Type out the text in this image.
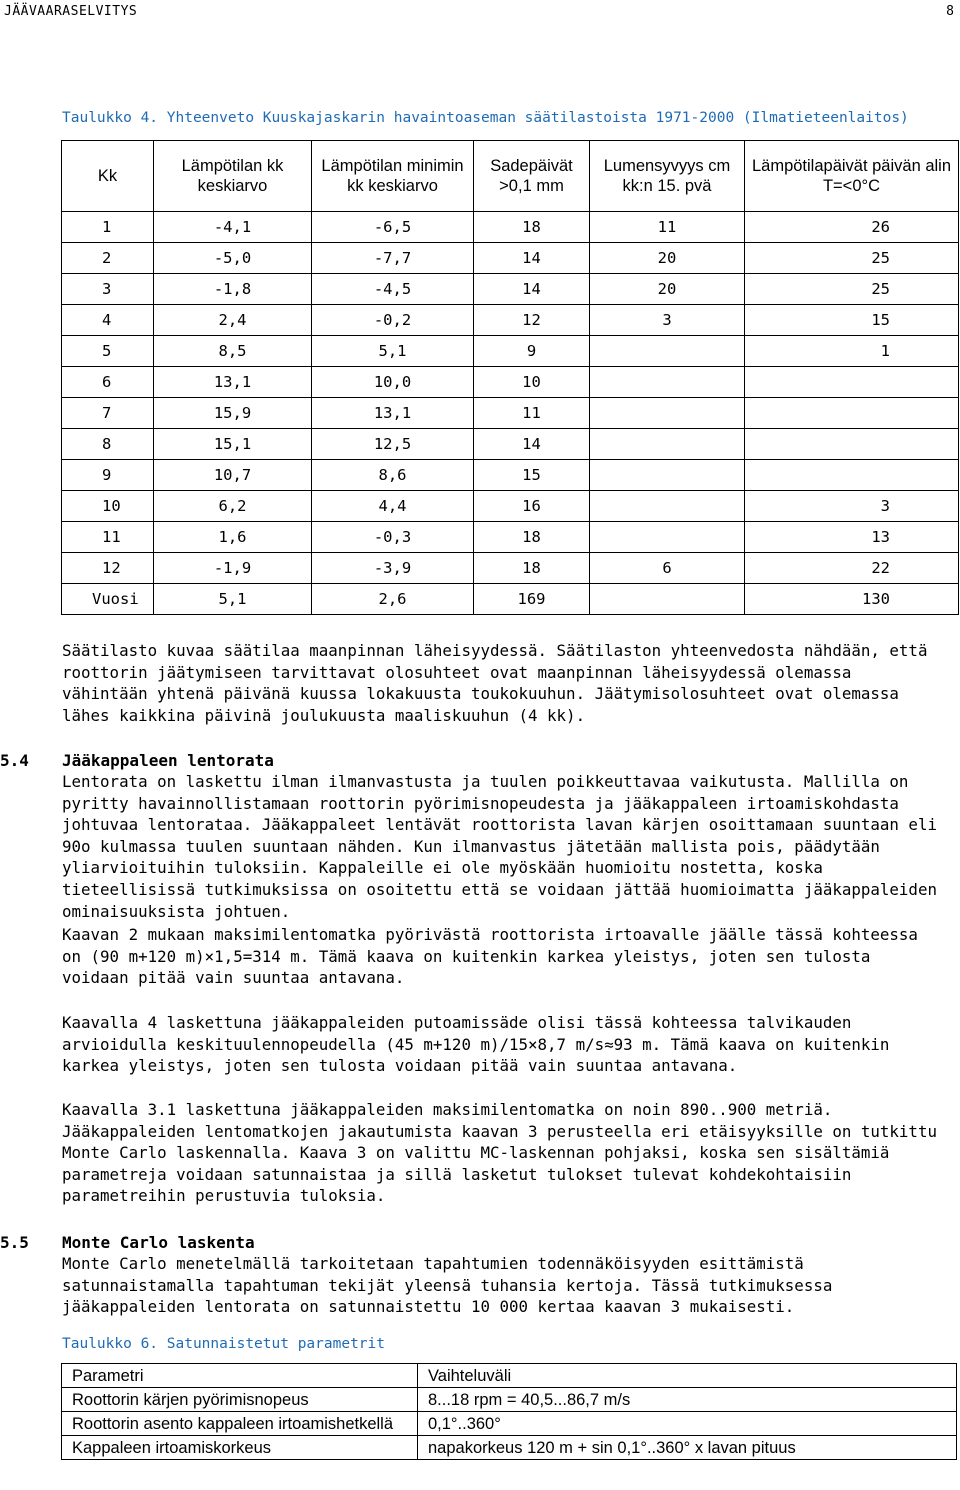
JÄÄVAARASELVITYS	8
Taulukko 4. Yhteenveto Kuuskajaskarin havaintoaseman säätilastoista 1971-2000 (Ilmatieteenlaitos)
Kk	Lämpötilan kk keskiarvo	Lämpötilan minimin kk keskiarvo	Sadepäivät >0,1 mm	Lumensyvyys cm kk:n 15. pvä	Lämpötilapäivät päivän alin T=<0°C
1	-4,1	-6,5	18	11	26
2	-5,0	-7,7	14	20	25
3	-1,8	-4,5	14	20	25
4	2,4	-0,2	12	3	15
5	8,5	5,1	9		1
6	13,1	10,0	10		
7	15,9	13,1	11		
8	15,1	12,5	14		
9	10,7	8,6	15		
10	6,2	4,4	16		3
11	1,6	-0,3	18		13
12	-1,9	-3,9	18	6	22
Vuosi	5,1	2,6	169		130
Säätilasto kuvaa säätilaa maanpinnan läheisyydessä. Säätilaston yhteenvedosta nähdään, että roottorin jäätymiseen tarvittavat olosuhteet ovat maanpinnan läheisyydessä olemassa vähintään yhtenä päivänä kuussa lokakuusta toukokuuhun. Jäätymisolosuhteet ovat olemassa lähes kaikkina päivinä joulukuusta maaliskuuhun (4 kk).
5.4 Jääkappaleen lentorata
Lentorata on laskettu ilman ilmanvastusta ja tuulen poikkeuttavaa vaikutusta. Mallilla on pyritty havainnollistamaan roottorin pyörimisnopeudesta ja jääkappaleen irtoamiskohdasta johtuvaa lentorataa. Jääkappaleet lentävät roottorista lavan kärjen osoittamaan suuntaan eli 90o kulmassa tuulen suuntaan nähden. Kun ilmanvastus jätetään mallista pois, päädytään yliarvioituihin tuloksiin. Kappaleille ei ole myöskään huomioitu nostetta, koska tieteellisissä tutkimuksissa on osoitettu että se voidaan jättää huomioimatta jääkappaleiden ominaisuuksista johtuen.
Kaavan 2 mukaan maksimilentomatka pyörivästä roottorista irtoavalle jäälle tässä kohteessa on (90 m+120 m)×1,5=314 m. Tämä kaava on kuitenkin karkea yleistys, joten sen tulosta voidaan pitää vain suuntaa antavana.
Kaavalla 4 laskettuna jääkappaleiden putoamissäde olisi tässä kohteessa talvikauden arvioidulla keskituulennopeudella (45 m+120 m)/15×8,7 m/s≈93 m. Tämä kaava on kuitenkin karkea yleistys, joten sen tulosta voidaan pitää vain suuntaa antavana.
Kaavalla 3.1 laskettuna jääkappaleiden maksimilentomatka on noin 890..900 metriä. Jääkappaleiden lentomatkojen jakautumista kaavan 3 perusteella eri etäisyyksille on tutkittu Monte Carlo laskennalla. Kaava 3 on valittu MC-laskennan pohjaksi, koska sen sisältämiä parametreja voidaan satunnaistaa ja sillä lasketut tulokset tulevat kohdekohtaisiin parametreihin perustuvia tuloksia.
5.5 Monte Carlo laskenta
Monte Carlo menetelmällä tarkoitetaan tapahtumien todennäköisyyden esittämistä satunnaistamalla tapahtuman tekijät yleensä tuhansia kertoja. Tässä tutkimuksessa jääkappaleiden lentorata on satunnaistettu 10 000 kertaa kaavan 3 mukaisesti.
Taulukko 6. Satunnaistetut parametrit
Parametri	Vaihteluväli
Roottorin kärjen pyörimisnopeus	8...18 rpm = 40,5...86,7 m/s
Roottorin asento kappaleen irtoamishetkellä	0,1°..360°
Kappaleen irtoamiskorkeus	napakorkeus 120 m + sin 0,1°..360° x lavan pituus
